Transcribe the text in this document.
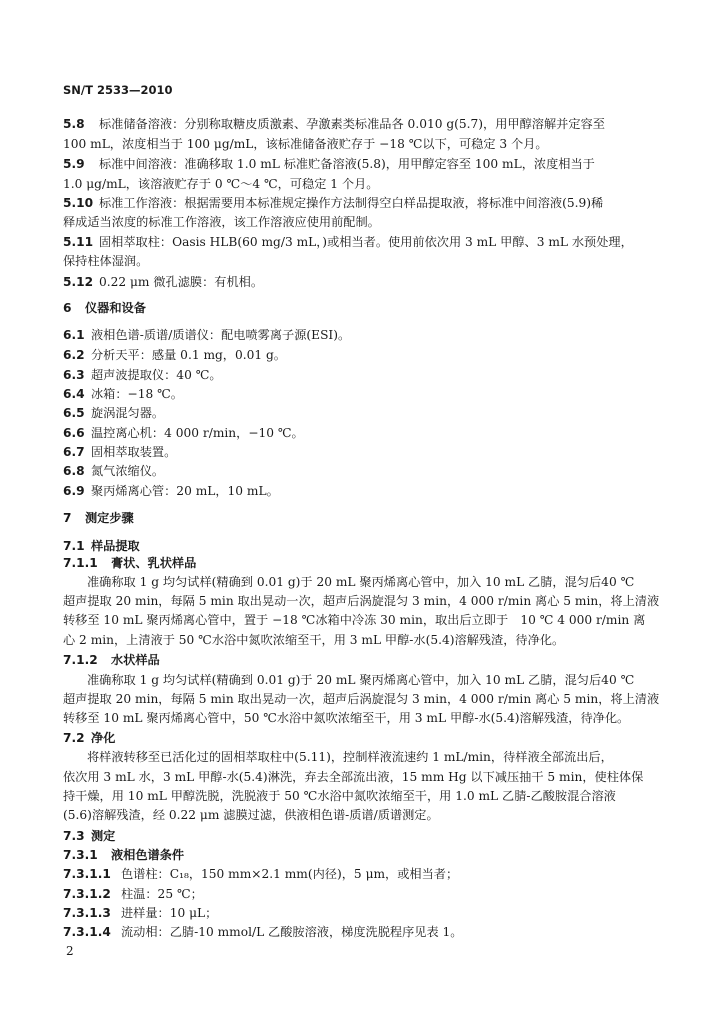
SN/T 2533—2010
5.8 标准储备溶液：分别称取糖皮质激素、孕激素类标准品各 0.010 g(5.7)，用甲醇溶解并定容至
100 mL，浓度相当于 100 μg/mL，该标准储备液贮存于 −18 ℃以下，可稳定 3 个月。
5.9 标准中间溶液：准确移取 1.0 mL 标准贮备溶液(5.8)，用甲醇定容至 100 mL，浓度相当于
1.0 μg/mL，该溶液贮存于 0 ℃～4 ℃，可稳定 1 个月。
5.10 标准工作溶液：根据需要用本标准规定操作方法制得空白样品提取液，将标准中间溶液(5.9)稀
释成适当浓度的标准工作溶液，该工作溶液应使用前配制。
5.11 固相萃取柱：Oasis HLB(60 mg/3 mL，)或相当者。使用前依次用 3 mL 甲醇、3 mL 水预处理，
保持柱体湿润。
5.12 0.22 μm 微孔滤膜：有机相。
6 仪器和设备
6.1 液相色谱-质谱/质谱仪：配电喷雾离子源(ESI)。
6.2 分析天平：感量 0.1 mg，0.01 g。
6.3 超声波提取仪：40 ℃。
6.4 冰箱：−18 ℃。
6.5 旋涡混匀器。
6.6 温控离心机：4 000 r/min，−10 ℃。
6.7 固相萃取装置。
6.8 氮气浓缩仪。
6.9 聚丙烯离心管：20 mL，10 mL。
7 测定步骤
7.1 样品提取
7.1.1 膏状、乳状样品
准确称取 1 g 均匀试样(精确到 0.01 g)于 20 mL 聚丙烯离心管中，加入 10 mL 乙腈，混匀后40 ℃
超声提取 20 min，每隔 5 min 取出晃动一次，超声后涡旋混匀 3 min，4 000 r/min 离心 5 min，将上清液
转移至 10 mL 聚丙烯离心管中，置于 −18 ℃冰箱中冷冻 30 min，取出后立即于　10 ℃ 4 000 r/min 离
心 2 min，上清液于 50 ℃水浴中氮吹浓缩至干，用 3 mL 甲醇-水(5.4)溶解残渣，待净化。
7.1.2 水状样品
准确称取 1 g 均匀试样(精确到 0.01 g)于 20 mL 聚丙烯离心管中，加入 10 mL 乙腈，混匀后40 ℃
超声提取 20 min，每隔 5 min 取出晃动一次，超声后涡旋混匀 3 min，4 000 r/min 离心 5 min，将上清液
转移至 10 mL 聚丙烯离心管中，50 ℃水浴中氮吹浓缩至干，用 3 mL 甲醇-水(5.4)溶解残渣，待净化。
7.2 净化
将样液转移至已活化过的固相萃取柱中(5.11)，控制样液流速约 1 mL/min，待样液全部流出后，
依次用 3 mL 水，3 mL 甲醇-水(5.4)淋洗，弃去全部流出液，15 mm Hg 以下减压抽干 5 min，使柱体保
持干燥，用 10 mL 甲醇洗脱，洗脱液于 50 ℃水浴中氮吹浓缩至干，用 1.0 mL 乙腈-乙酸胺混合溶液
(5.6)溶解残渣，经 0.22 μm 滤膜过滤，供液相色谱-质谱/质谱测定。
7.3 测定
7.3.1 液相色谱条件
7.3.1.1 色谱柱：C₁₈，150 mm×2.1 mm(内径)，5 μm，或相当者；
7.3.1.2 柱温：25 ℃；
7.3.1.3 进样量：10 μL；
7.3.1.4 流动相：乙腈-10 mmol/L 乙酸胺溶液，梯度洗脱程序见表 1。
2
